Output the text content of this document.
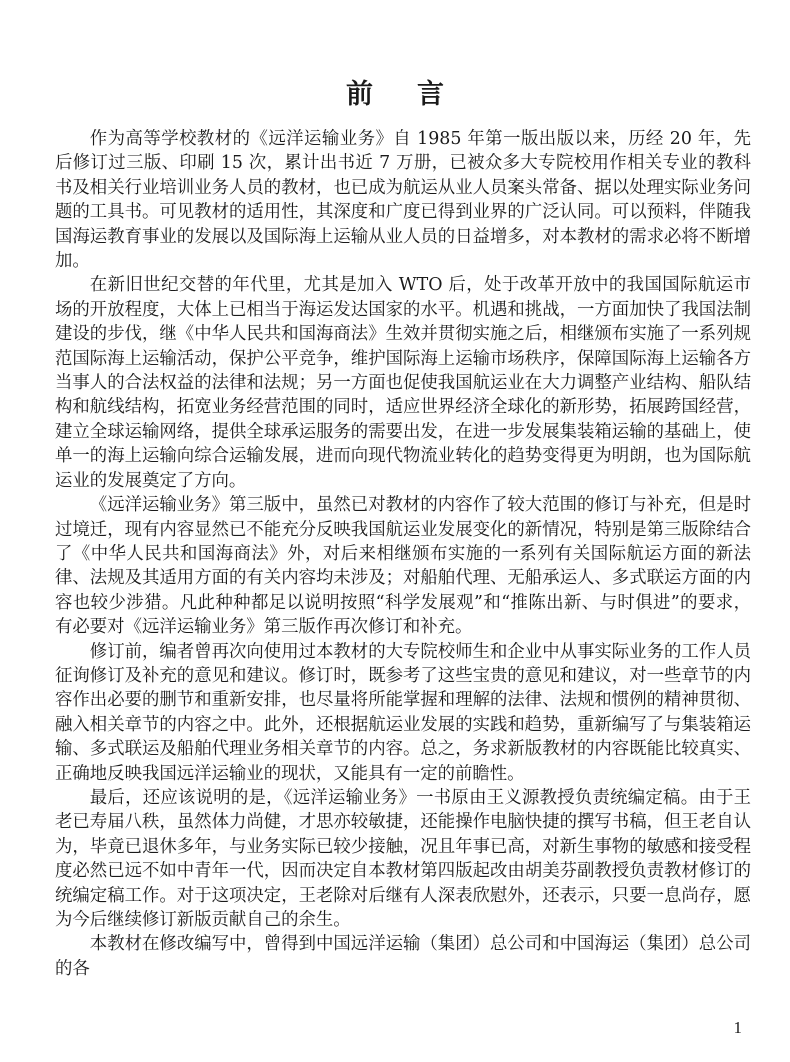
前 言

作为高等学校教材的《远洋运输业务》自 1985 年第一版出版以来，历经 20 年，先后修订过三版、印刷 15 次，累计出书近 7 万册，已被众多大专院校用作相关专业的教科书及相关行业培训业务人员的教材，也已成为航运从业人员案头常备、据以处理实际业务问题的工具书。可见教材的适用性，其深度和广度已得到业界的广泛认同。可以预料，伴随我国海运教育事业的发展以及国际海上运输从业人员的日益增多，对本教材的需求必将不断增加。

在新旧世纪交替的年代里，尤其是加入 WTO 后，处于改革开放中的我国国际航运市场的开放程度，大体上已相当于海运发达国家的水平。机遇和挑战，一方面加快了我国法制建设的步伐，继《中华人民共和国海商法》生效并贯彻实施之后，相继颁布实施了一系列规范国际海上运输活动，保护公平竞争，维护国际海上运输市场秩序，保障国际海上运输各方当事人的合法权益的法律和法规；另一方面也促使我国航运业在大力调整产业结构、船队结构和航线结构，拓宽业务经营范围的同时，适应世界经济全球化的新形势，拓展跨国经营，建立全球运输网络，提供全球承运服务的需要出发，在进一步发展集装箱运输的基础上，使单一的海上运输向综合运输发展，进而向现代物流业转化的趋势变得更为明朗，也为国际航运业的发展奠定了方向。

《远洋运输业务》第三版中，虽然已对教材的内容作了较大范围的修订与补充，但是时过境迁，现有内容显然已不能充分反映我国航运业发展变化的新情况，特别是第三版除结合了《中华人民共和国海商法》外，对后来相继颁布实施的一系列有关国际航运方面的新法律、法规及其适用方面的有关内容均未涉及；对船舶代理、无船承运人、多式联运方面的内容也较少涉猎。凡此种种都足以说明按照“科学发展观”和“推陈出新、与时俱进”的要求，有必要对《远洋运输业务》第三版作再次修订和补充。

修订前，编者曾再次向使用过本教材的大专院校师生和企业中从事实际业务的工作人员征询修订及补充的意见和建议。修订时，既参考了这些宝贵的意见和建议，对一些章节的内容作出必要的删节和重新安排，也尽量将所能掌握和理解的法律、法规和惯例的精神贯彻、融入相关章节的内容之中。此外，还根据航运业发展的实践和趋势，重新编写了与集装箱运输、多式联运及船舶代理业务相关章节的内容。总之，务求新版教材的内容既能比较真实、正确地反映我国远洋运输业的现状，又能具有一定的前瞻性。

最后，还应该说明的是，《远洋运输业务》一书原由王义源教授负责统编定稿。由于王老已寿届八秩，虽然体力尚健，才思亦较敏捷，还能操作电脑快捷的撰写书稿，但王老自认为，毕竟已退休多年，与业务实际已较少接触，况且年事已高，对新生事物的敏感和接受程度必然已远不如中青年一代，因而决定自本教材第四版起改由胡美芬副教授负责教材修订的统编定稿工作。对于这项决定，王老除对后继有人深表欣慰外，还表示，只要一息尚存，愿为今后继续修订新版贡献自己的余生。

本教材在修改编写中，曾得到中国远洋运输（集团）总公司和中国海运（集团）总公司的各

1
